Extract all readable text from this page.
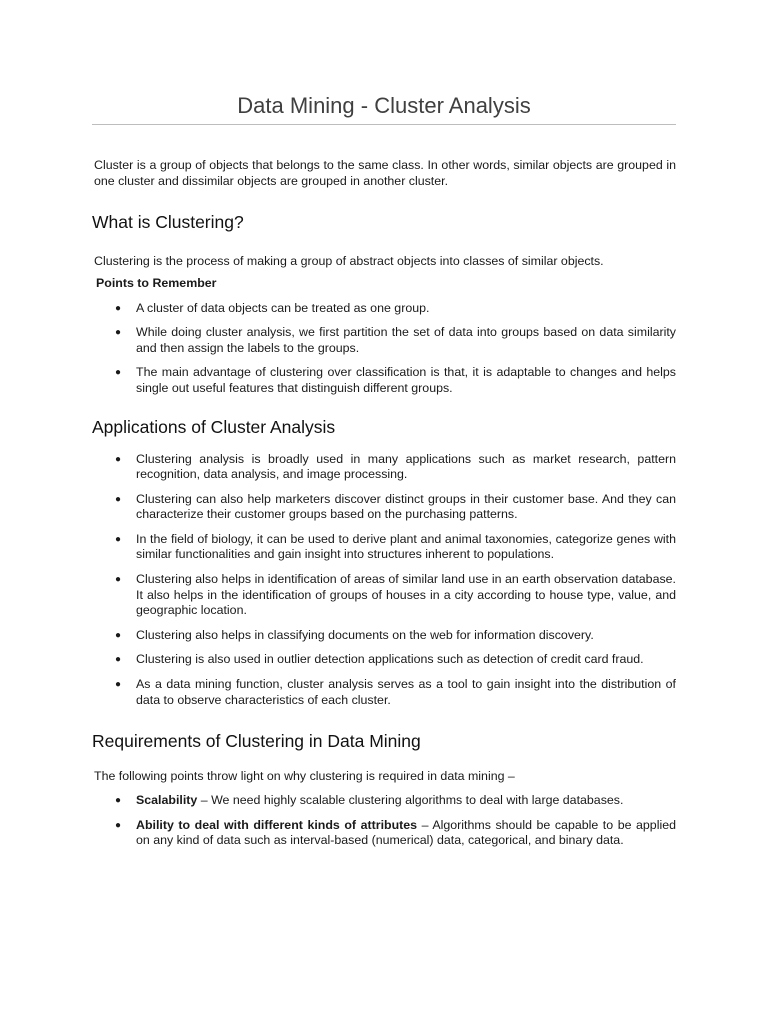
Data Mining - Cluster Analysis

Cluster is a group of objects that belongs to the same class. In other words, similar objects are grouped in one cluster and dissimilar objects are grouped in another cluster.

What is Clustering?

Clustering is the process of making a group of abstract objects into classes of similar objects.

Points to Remember
● A cluster of data objects can be treated as one group.
● While doing cluster analysis, we first partition the set of data into groups based on data similarity and then assign the labels to the groups.
● The main advantage of clustering over classification is that, it is adaptable to changes and helps single out useful features that distinguish different groups.
Applications of Cluster Analysis
● Clustering analysis is broadly used in many applications such as market research, pattern recognition, data analysis, and image processing.
● Clustering can also help marketers discover distinct groups in their customer base. And they can characterize their customer groups based on the purchasing patterns.
● In the field of biology, it can be used to derive plant and animal taxonomies, categorize genes with similar functionalities and gain insight into structures inherent to populations.
● Clustering also helps in identification of areas of similar land use in an earth observation database. It also helps in the identification of groups of houses in a city according to house type, value, and geographic location.
● Clustering also helps in classifying documents on the web for information discovery.
● Clustering is also used in outlier detection applications such as detection of credit card fraud.
● As a data mining function, cluster analysis serves as a tool to gain insight into the distribution of data to observe characteristics of each cluster.
Requirements of Clustering in Data Mining

The following points throw light on why clustering is required in data mining –

● Scalability – We need highly scalable clustering algorithms to deal with large databases.
● Ability to deal with different kinds of attributes – Algorithms should be capable to be applied on any kind of data such as interval-based (numerical) data, categorical, and binary data.
